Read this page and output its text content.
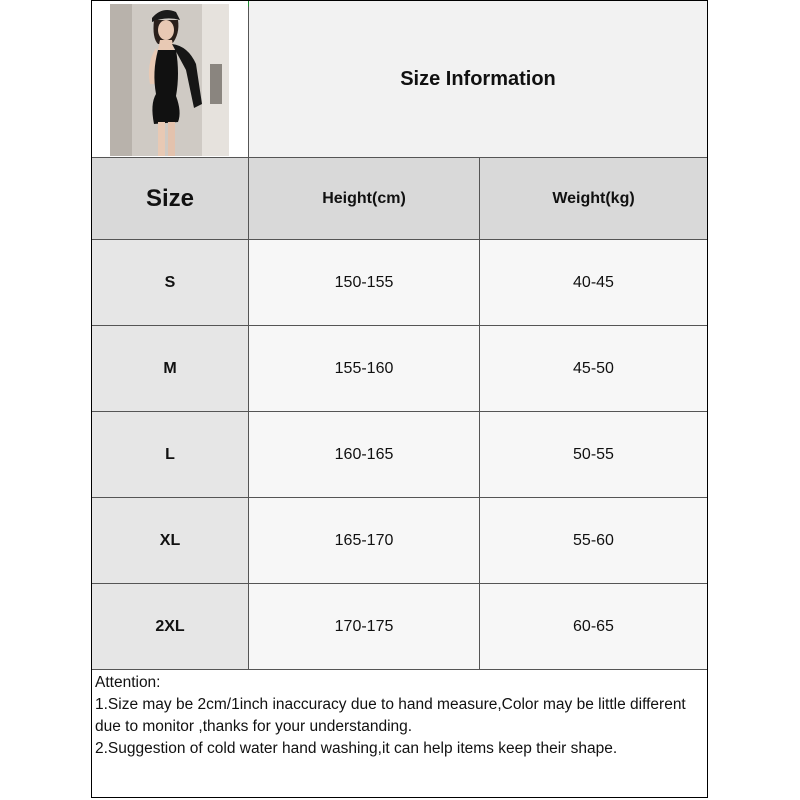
Size Information
Size	Height(cm)	Weight(kg)
S	150-155	40-45
M	155-160	45-50
L	160-165	50-55
XL	165-170	55-60
2XL	170-175	60-65

Attention:

1.Size may be 2cm/1inch inaccuracy due to hand measure,Color may be little different due to monitor ,thanks for your understanding.

2.Suggestion of cold water hand washing,it can help items keep their shape.
